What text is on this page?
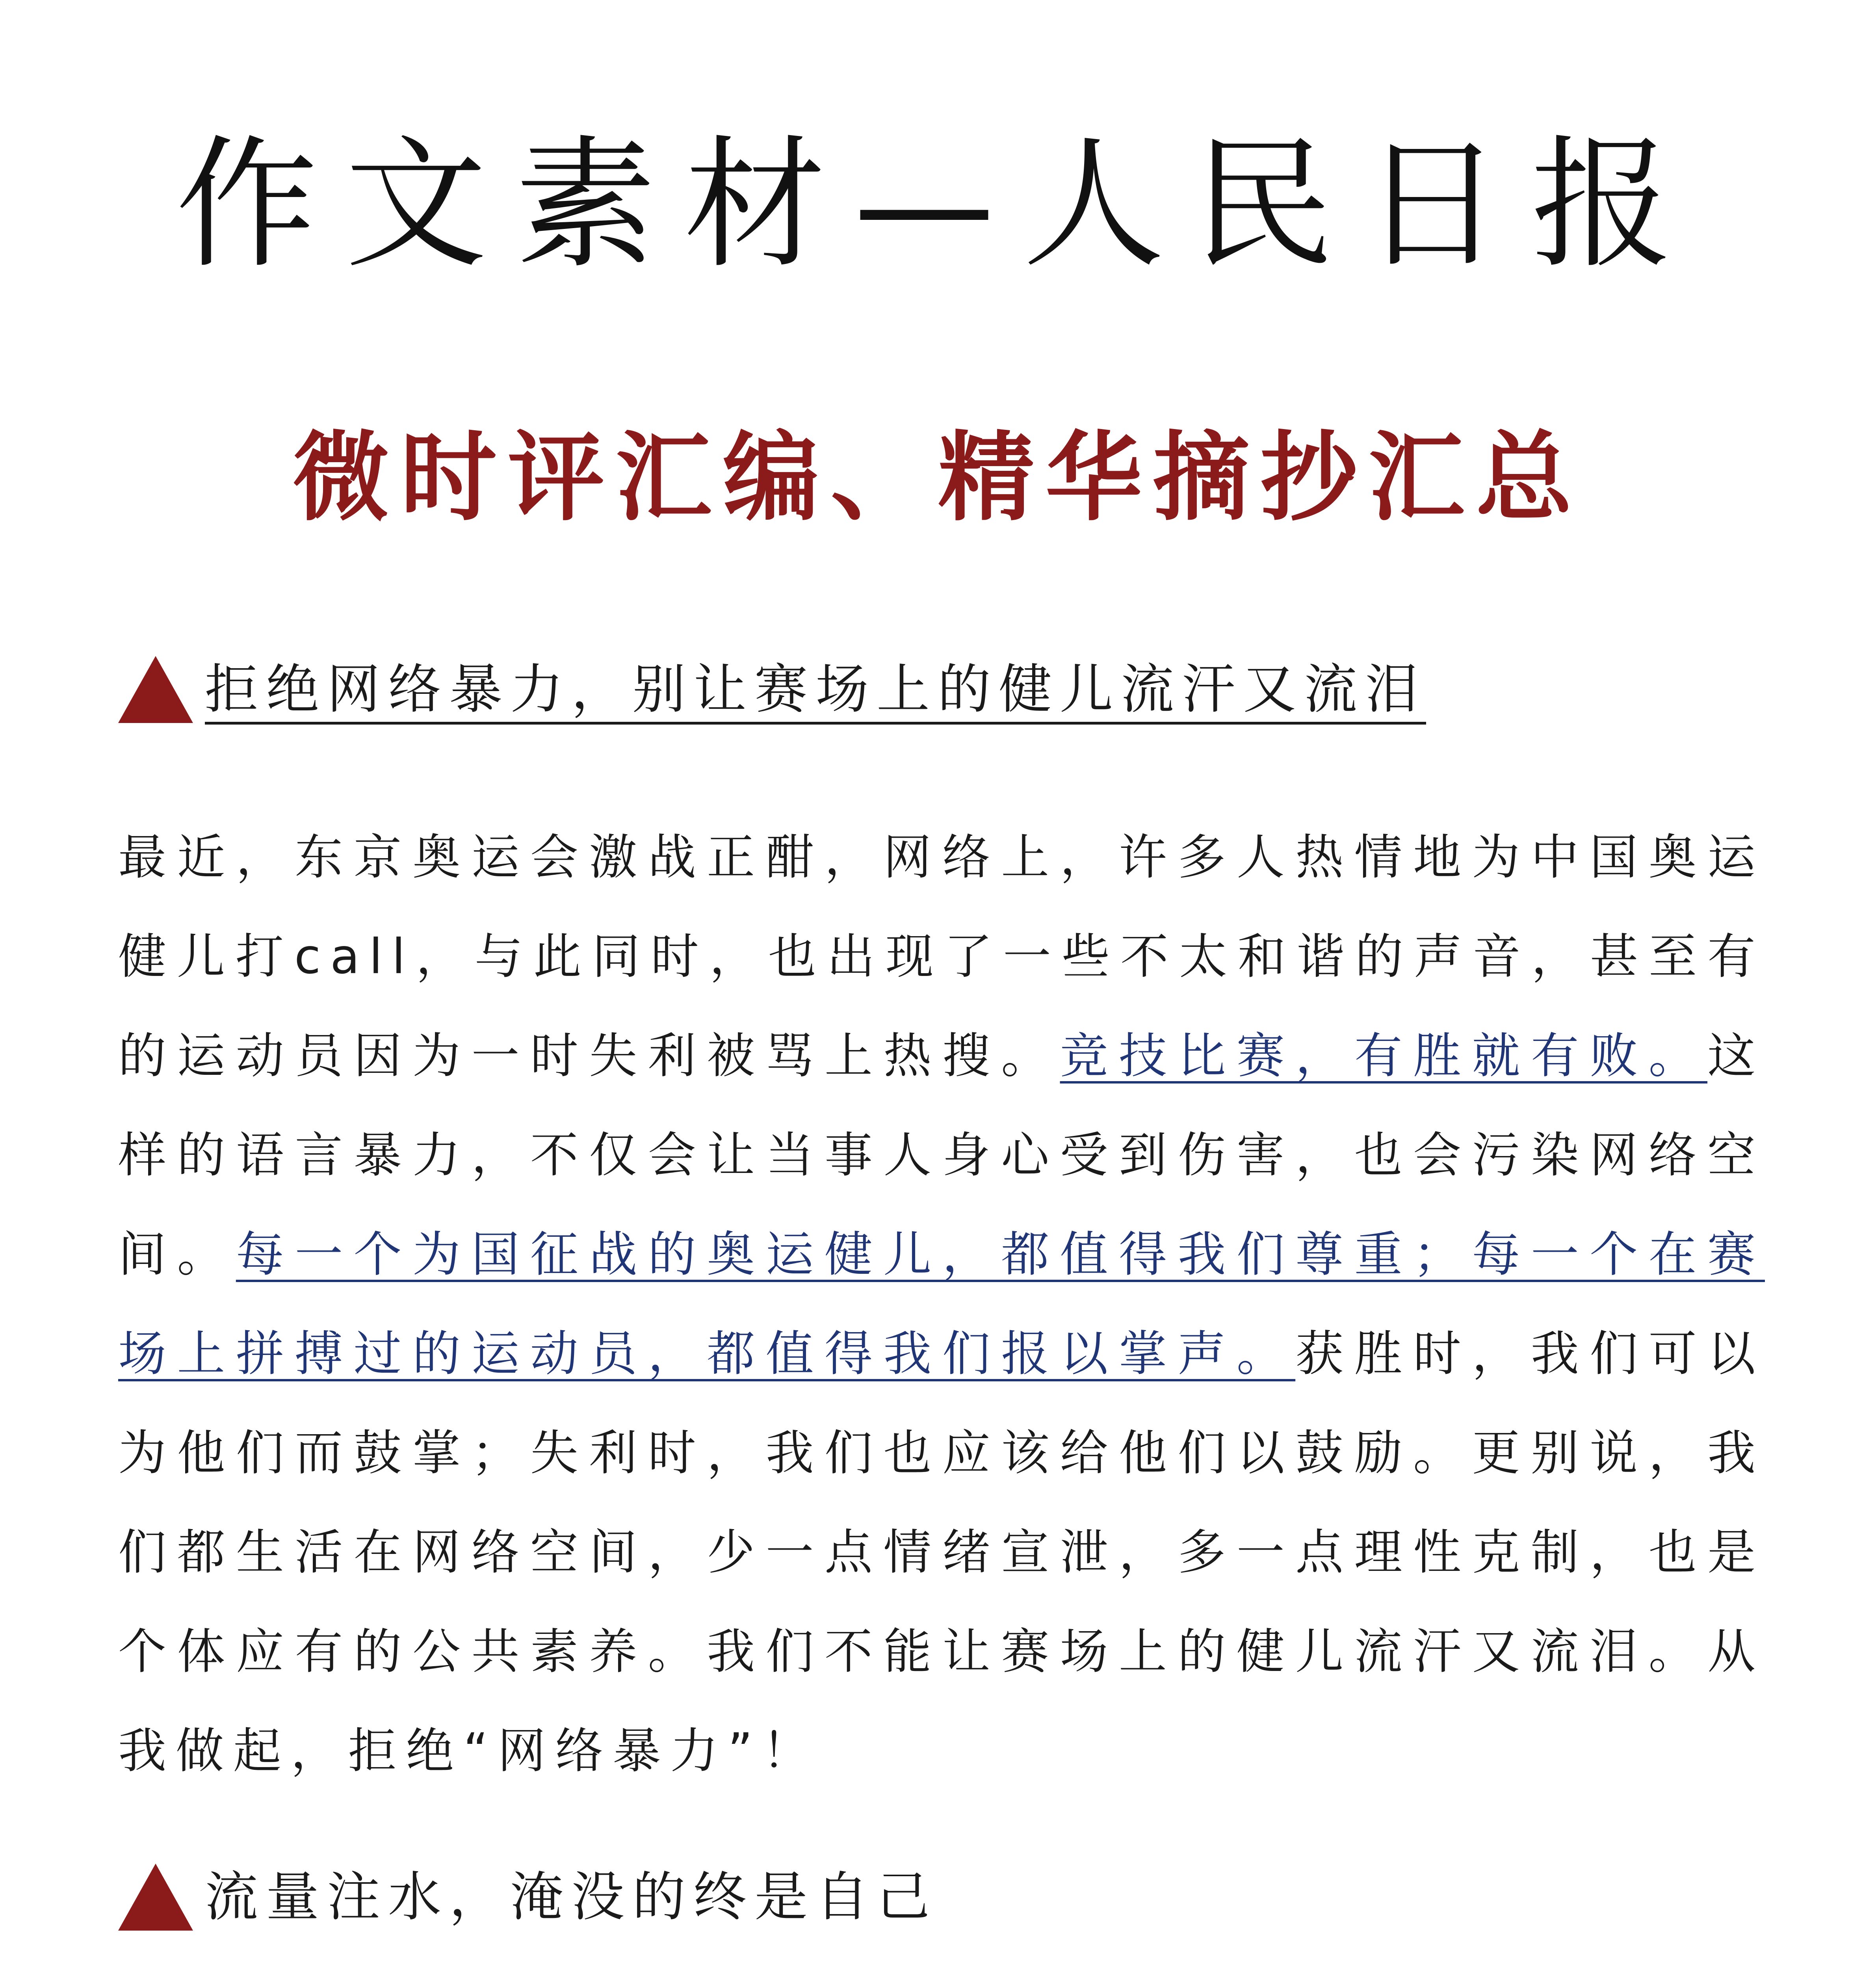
作文素材—人民日报
微时评汇编、精华摘抄汇总
拒绝网络暴力，别让赛场上的健儿流汗又流泪

最近，东京奥运会激战正酣，网络上，许多人热情地为中国奥运健儿打call，与此同时，也出现了一些不太和谐的声音，甚至有的运动员因为一时失利被骂上热搜。竞技比赛，有胜就有败。这样的语言暴力，不仅会让当事人身心受到伤害，也会污染网络空间。每一个为国征战的奥运健儿，都值得我们尊重；每一个在赛场上拼搏过的运动员，都值得我们报以掌声。获胜时，我们可以为他们而鼓掌；失利时，我们也应该给他们以鼓励。更别说，我们都生活在网络空间，少一点情绪宣泄，多一点理性克制，也是个体应有的公共素养。我们不能让赛场上的健儿流汗又流泪。从我做起，拒绝“网络暴力”！

流量注水，淹没的终是自己
